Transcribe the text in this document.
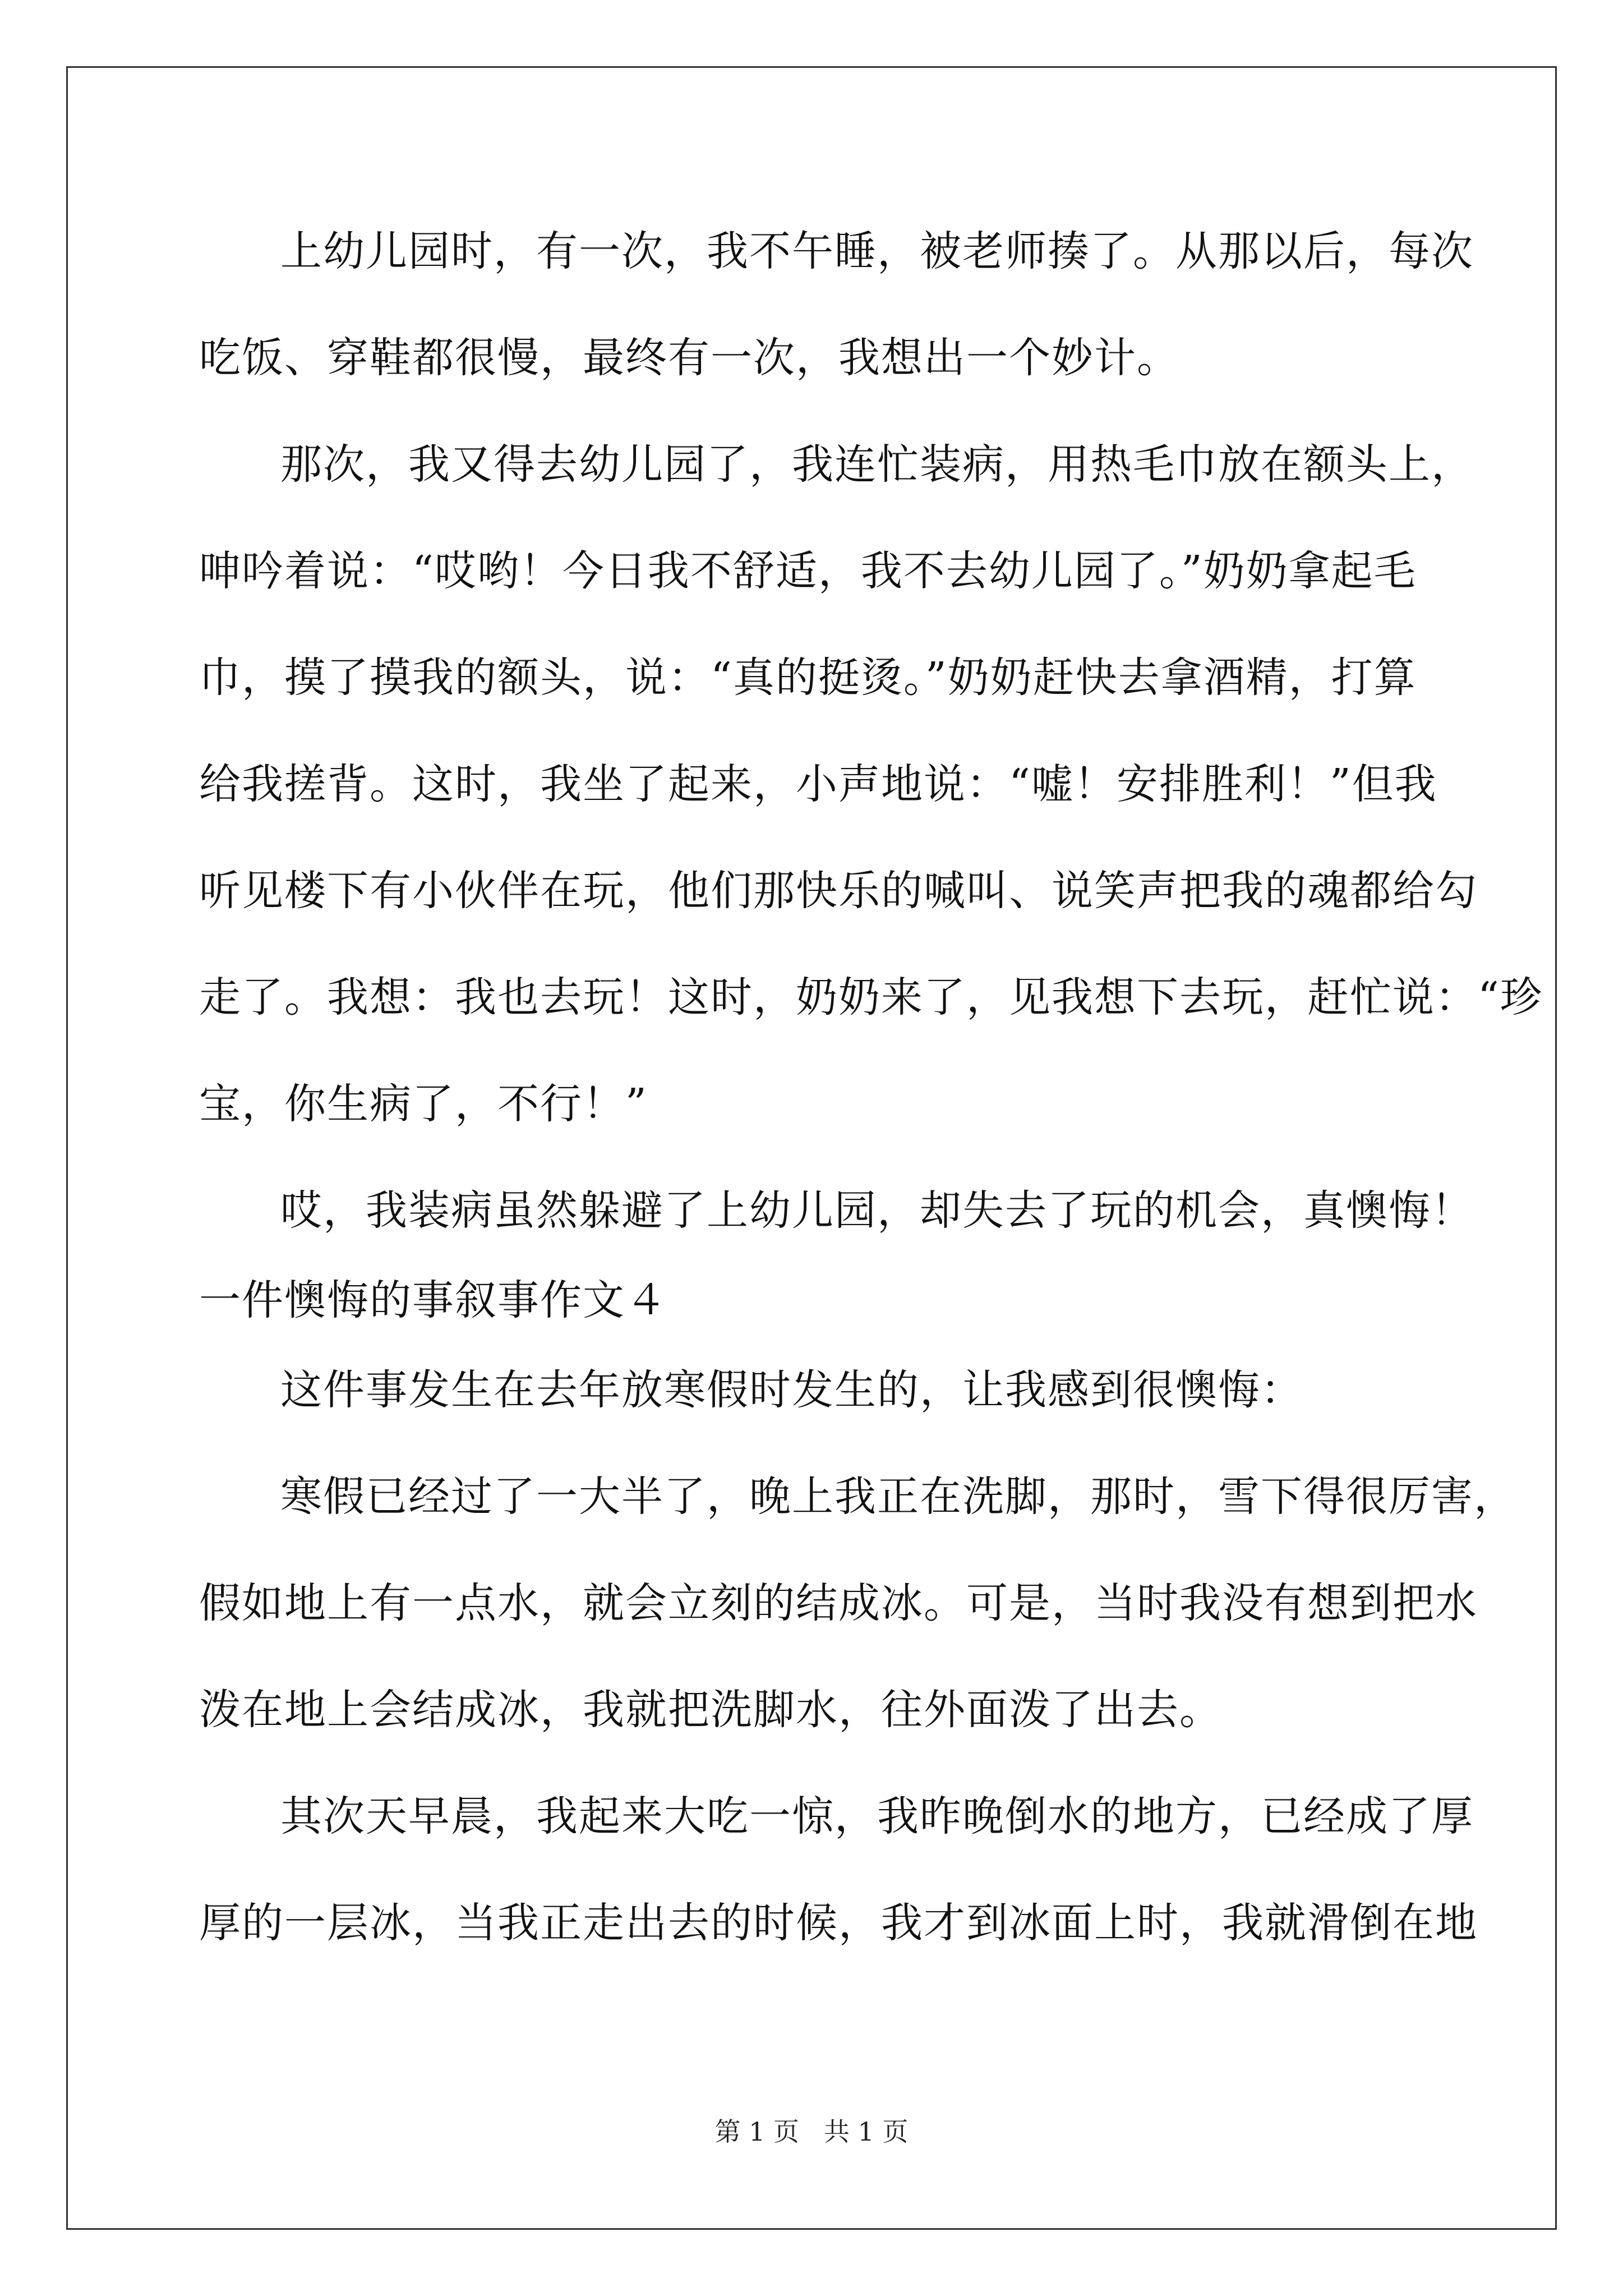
上幼儿园时，有一次，我不午睡，被老师揍了。从那以后，每次
吃饭、穿鞋都很慢，最终有一次，我想出一个妙计。
那次，我又得去幼儿园了，我连忙装病，用热毛巾放在额头上，
呻吟着说：“哎哟！今日我不舒适，我不去幼儿园了。”奶奶拿起毛
巾，摸了摸我的额头，说：“真的挺烫。”奶奶赶快去拿酒精，打算
给我搓背。这时，我坐了起来，小声地说：“嘘！安排胜利！”但我
听见楼下有小伙伴在玩，他们那快乐的喊叫、说笑声把我的魂都给勾
走了。我想：我也去玩！这时，奶奶来了，见我想下去玩，赶忙说：“珍
宝，你生病了，不行！”
哎，我装病虽然躲避了上幼儿园，却失去了玩的机会，真懊悔！
一件懊悔的事叙事作文４
这件事发生在去年放寒假时发生的，让我感到很懊悔：
寒假已经过了一大半了，晚上我正在洗脚，那时，雪下得很厉害，
假如地上有一点水，就会立刻的结成冰。可是，当时我没有想到把水
泼在地上会结成冰，我就把洗脚水，往外面泼了出去。
其次天早晨，我起来大吃一惊，我昨晚倒水的地方，已经成了厚
厚的一层冰，当我正走出去的时候，我才到冰面上时，我就滑倒在地
第 1 页   共 1 页
